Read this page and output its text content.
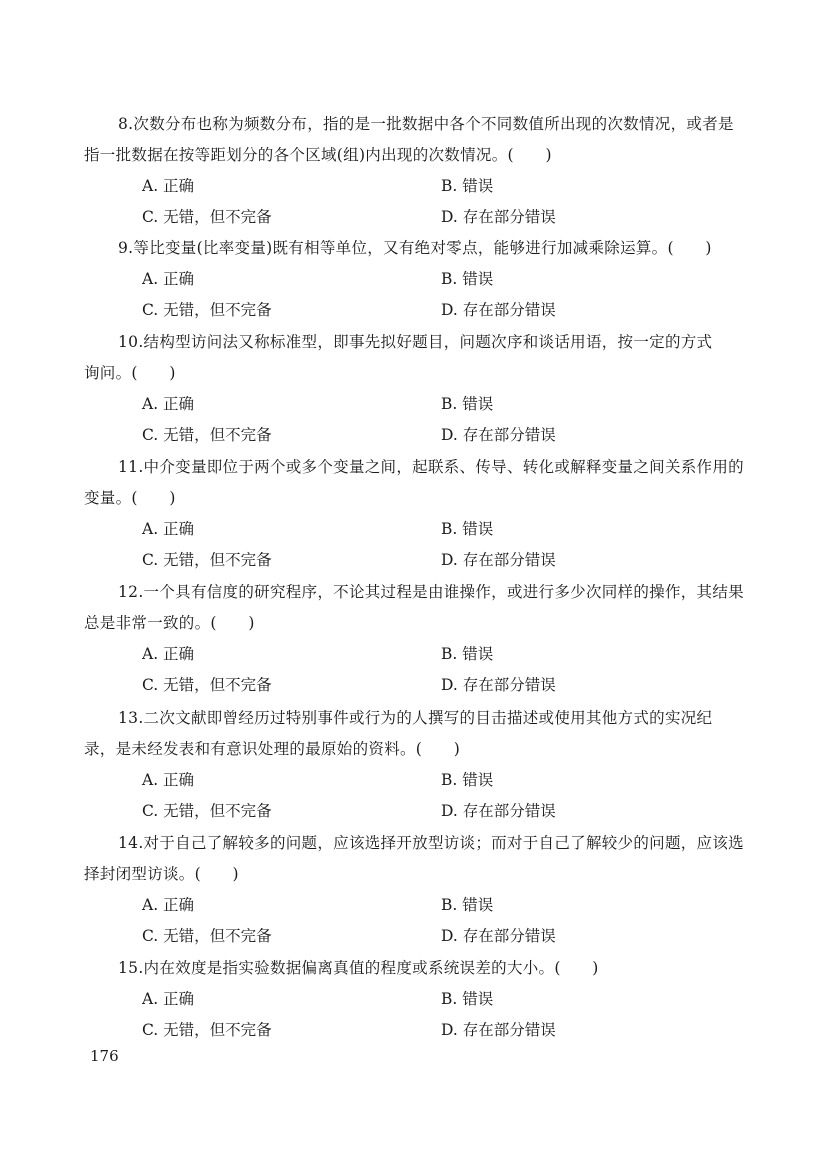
8.次数分布也称为频数分布，指的是一批数据中各个不同数值所出现的次数情况，或者是
指一批数据在按等距划分的各个区域(组)内出现的次数情况。(　　)
A. 正确	B. 错误
C. 无错，但不完备	D. 存在部分错误
9.等比变量(比率变量)既有相等单位，又有绝对零点，能够进行加减乘除运算。(　　)
A. 正确	B. 错误
C. 无错，但不完备	D. 存在部分错误
10.结构型访问法又称标准型，即事先拟好题目，问题次序和谈话用语，按一定的方式
询问。(　　)
A. 正确	B. 错误
C. 无错，但不完备	D. 存在部分错误
11.中介变量即位于两个或多个变量之间，起联系、传导、转化或解释变量之间关系作用的
变量。(　　)
A. 正确	B. 错误
C. 无错，但不完备	D. 存在部分错误
12.一个具有信度的研究程序，不论其过程是由谁操作，或进行多少次同样的操作，其结果
总是非常一致的。(　　)
A. 正确	B. 错误
C. 无错，但不完备	D. 存在部分错误
13.二次文献即曾经历过特别事件或行为的人撰写的目击描述或使用其他方式的实况纪
录，是未经发表和有意识处理的最原始的资料。(　　)
A. 正确	B. 错误
C. 无错，但不完备	D. 存在部分错误
14.对于自己了解较多的问题，应该选择开放型访谈；而对于自己了解较少的问题，应该选
择封闭型访谈。(　　)
A. 正确	B. 错误
C. 无错，但不完备	D. 存在部分错误
15.内在效度是指实验数据偏离真值的程度或系统误差的大小。(　　)
A. 正确	B. 错误
C. 无错，但不完备	D. 存在部分错误
176
